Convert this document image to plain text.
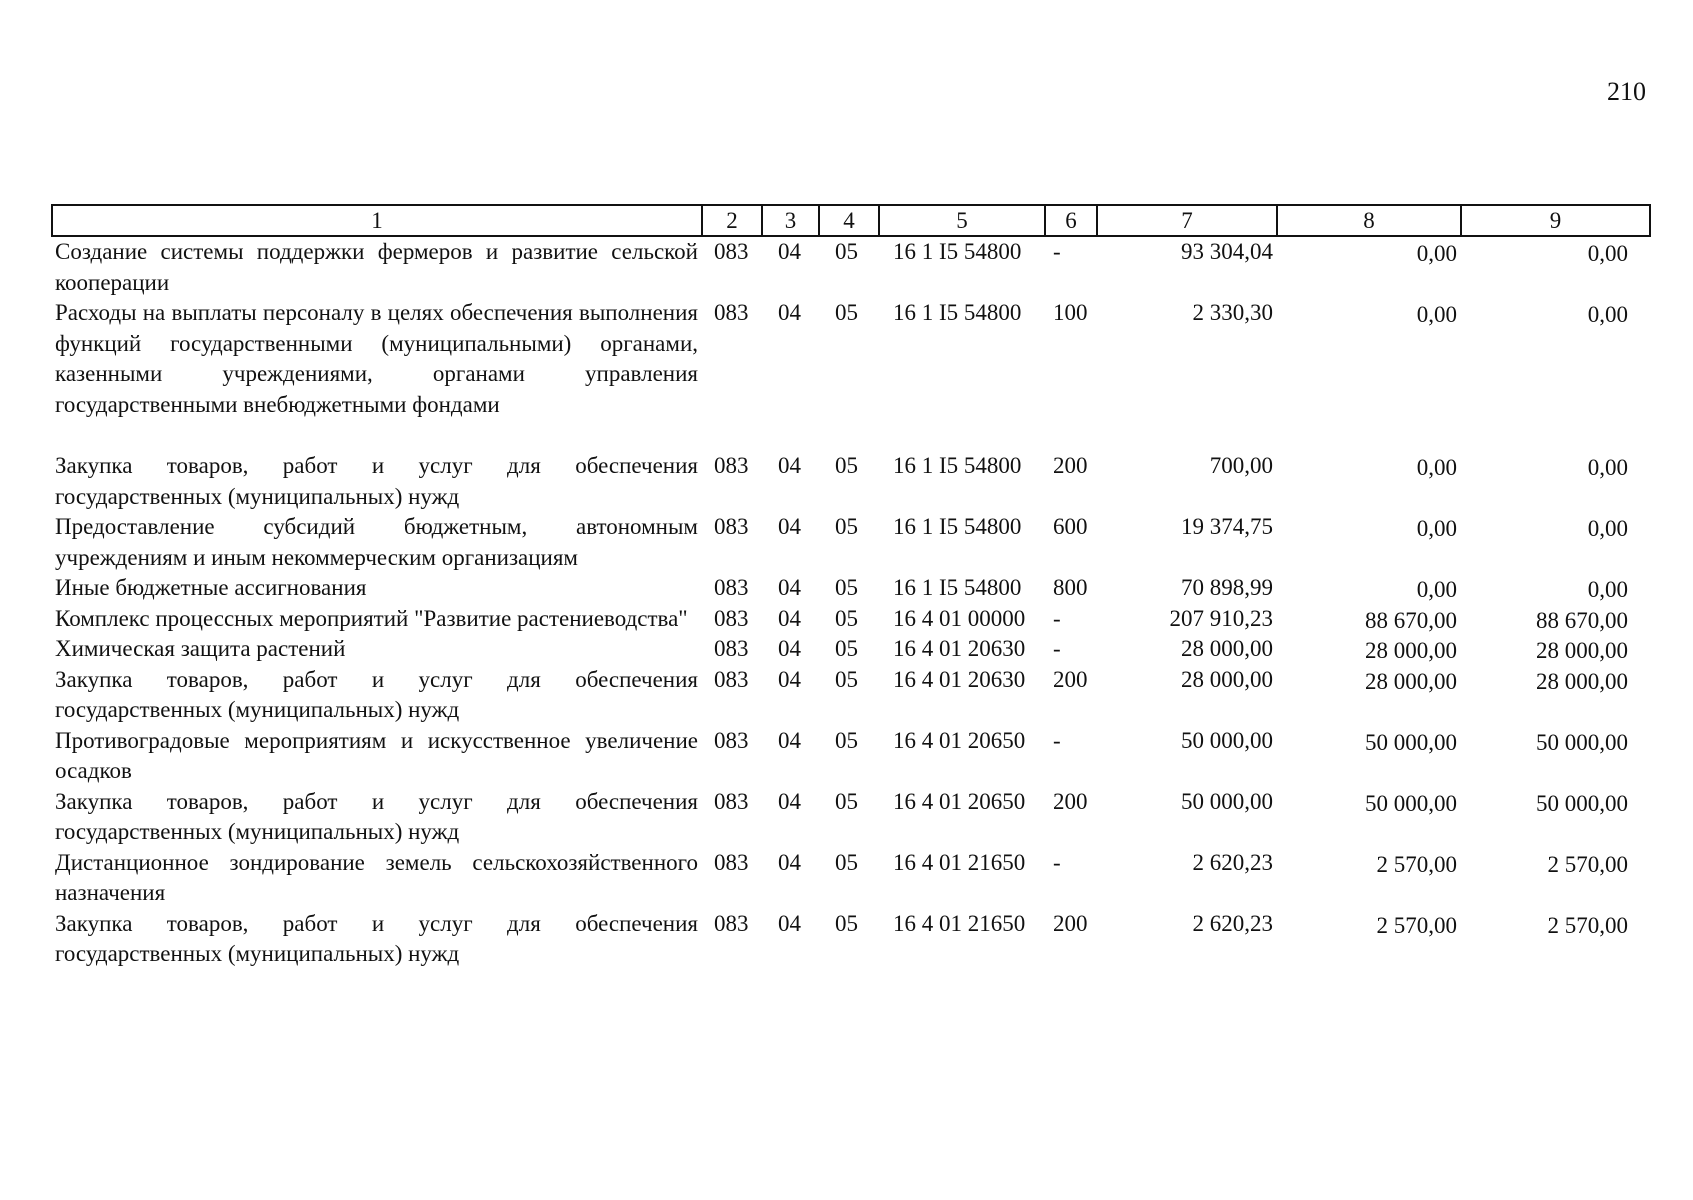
210
1	2	3	4	5	6	7	8	9
Создание системы поддержки фермеров и развитие сельской кооперации	083	04	05	16 1 I5 54800	-	93 304,04	0,00	0,00
Расходы на выплаты персоналу в целях обеспечения выполнения функций государственными (муниципальными) органами, казенными учреждениями, органами управления государственными внебюджетными фондами	083	04	05	16 1 I5 54800	100	2 330,30	0,00	0,00
Закупка товаров, работ и услуг для обеспечения государственных (муниципальных) нужд	083	04	05	16 1 I5 54800	200	700,00	0,00	0,00
Предоставление субсидий бюджетным, автономным учреждениям и иным некоммерческим организациям	083	04	05	16 1 I5 54800	600	19 374,75	0,00	0,00
Иные бюджетные ассигнования	083	04	05	16 1 I5 54800	800	70 898,99	0,00	0,00
Комплекс процессных мероприятий "Развитие растениеводства"	083	04	05	16 4 01 00000	-	207 910,23	88 670,00	88 670,00
Химическая защита растений	083	04	05	16 4 01 20630	-	28 000,00	28 000,00	28 000,00
Закупка товаров, работ и услуг для обеспечения государственных (муниципальных) нужд	083	04	05	16 4 01 20630	200	28 000,00	28 000,00	28 000,00
Противоградовые мероприятиям и искусственное увеличение осадков	083	04	05	16 4 01 20650	-	50 000,00	50 000,00	50 000,00
Закупка товаров, работ и услуг для обеспечения государственных (муниципальных) нужд	083	04	05	16 4 01 20650	200	50 000,00	50 000,00	50 000,00
Дистанционное зондирование земель сельскохозяйственного назначения	083	04	05	16 4 01 21650	-	2 620,23	2 570,00	2 570,00
Закупка товаров, работ и услуг для обеспечения государственных (муниципальных) нужд	083	04	05	16 4 01 21650	200	2 620,23	2 570,00	2 570,00
